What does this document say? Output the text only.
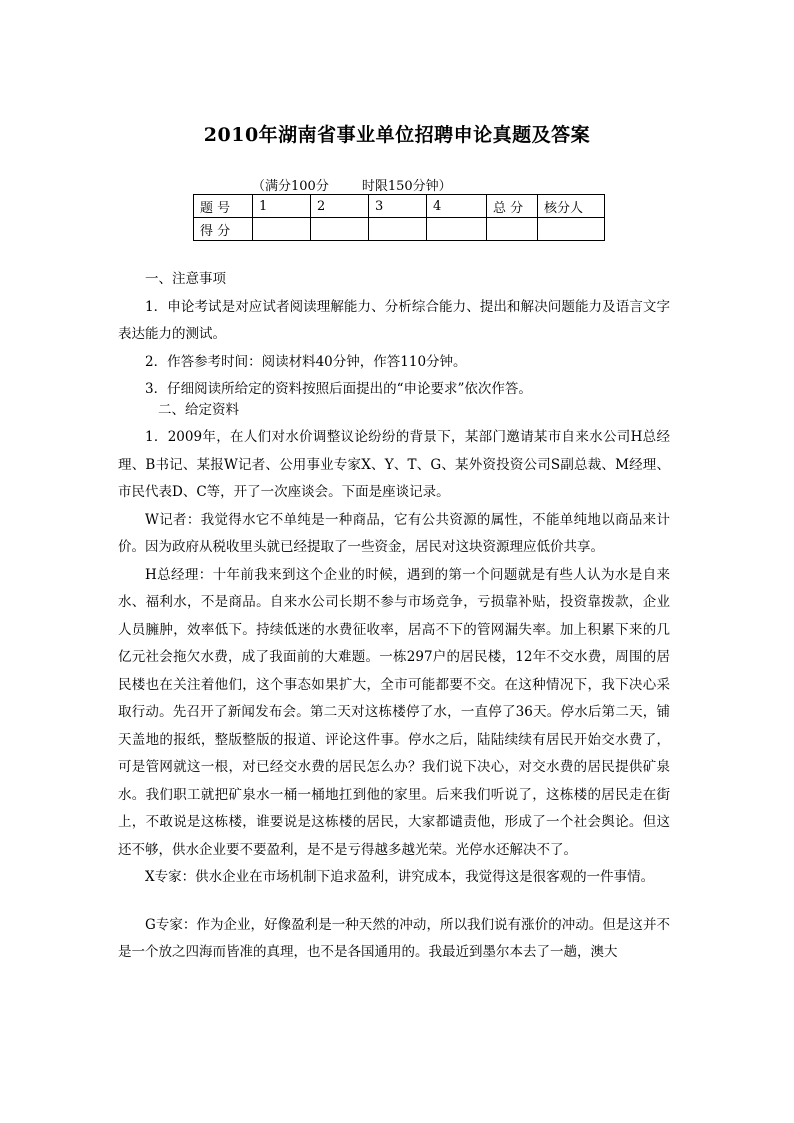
2010年湖南省事业单位招聘申论真题及答案
（满分100分        时限150分钟）
题 号	1	2	3	4	总 分	核分人
得 分						

一、注意事项

1．申论考试是对应试者阅读理解能力、分析综合能力、提出和解决问题能力及语言文字表达能力的测试。

2．作答参考时间：阅读材料40分钟，作答110分钟。

3．仔细阅读所给定的资料按照后面提出的“申论要求”依次作答。

二、给定资料

1．2009年，在人们对水价调整议论纷纷的背景下，某部门邀请某市自来水公司H总经理、B书记、某报W记者、公用事业专家X、Y、T、G、某外资投资公司S副总裁、M经理、市民代表D、C等，开了一次座谈会。下面是座谈记录。

W记者：我觉得水它不单纯是一种商品，它有公共资源的属性，不能单纯地以商品来计价。因为政府从税收里头就已经提取了一些资金，居民对这块资源理应低价共享。

H总经理：十年前我来到这个企业的时候，遇到的第一个问题就是有些人认为水是自来水、福利水，不是商品。自来水公司长期不参与市场竞争，亏损靠补贴，投资靠拨款，企业人员臃肿，效率低下。持续低迷的水费征收率，居高不下的管网漏失率。加上积累下来的几亿元社会拖欠水费，成了我面前的大难题。一栋297户的居民楼，12年不交水费，周围的居民楼也在关注着他们，这个事态如果扩大，全市可能都要不交。在这种情况下，我下决心采取行动。先召开了新闻发布会。第二天对这栋楼停了水，一直停了36天。停水后第二天，铺天盖地的报纸，整版整版的报道、评论这件事。停水之后，陆陆续续有居民开始交水费了，可是管网就这一根，对已经交水费的居民怎么办？我们说下决心，对交水费的居民提供矿泉水。我们职工就把矿泉水一桶一桶地扛到他的家里。后来我们听说了，这栋楼的居民走在街上，不敢说是这栋楼，谁要说是这栋楼的居民，大家都谴责他，形成了一个社会舆论。但这还不够，供水企业要不要盈利，是不是亏得越多越光荣。光停水还解决不了。

X专家：供水企业在市场机制下追求盈利，讲究成本，我觉得这是很客观的一件事情。

G专家：作为企业，好像盈利是一种天然的冲动，所以我们说有涨价的冲动。但是这并不是一个放之四海而皆准的真理，也不是各国通用的。我最近到墨尔本去了一趟，澳大
